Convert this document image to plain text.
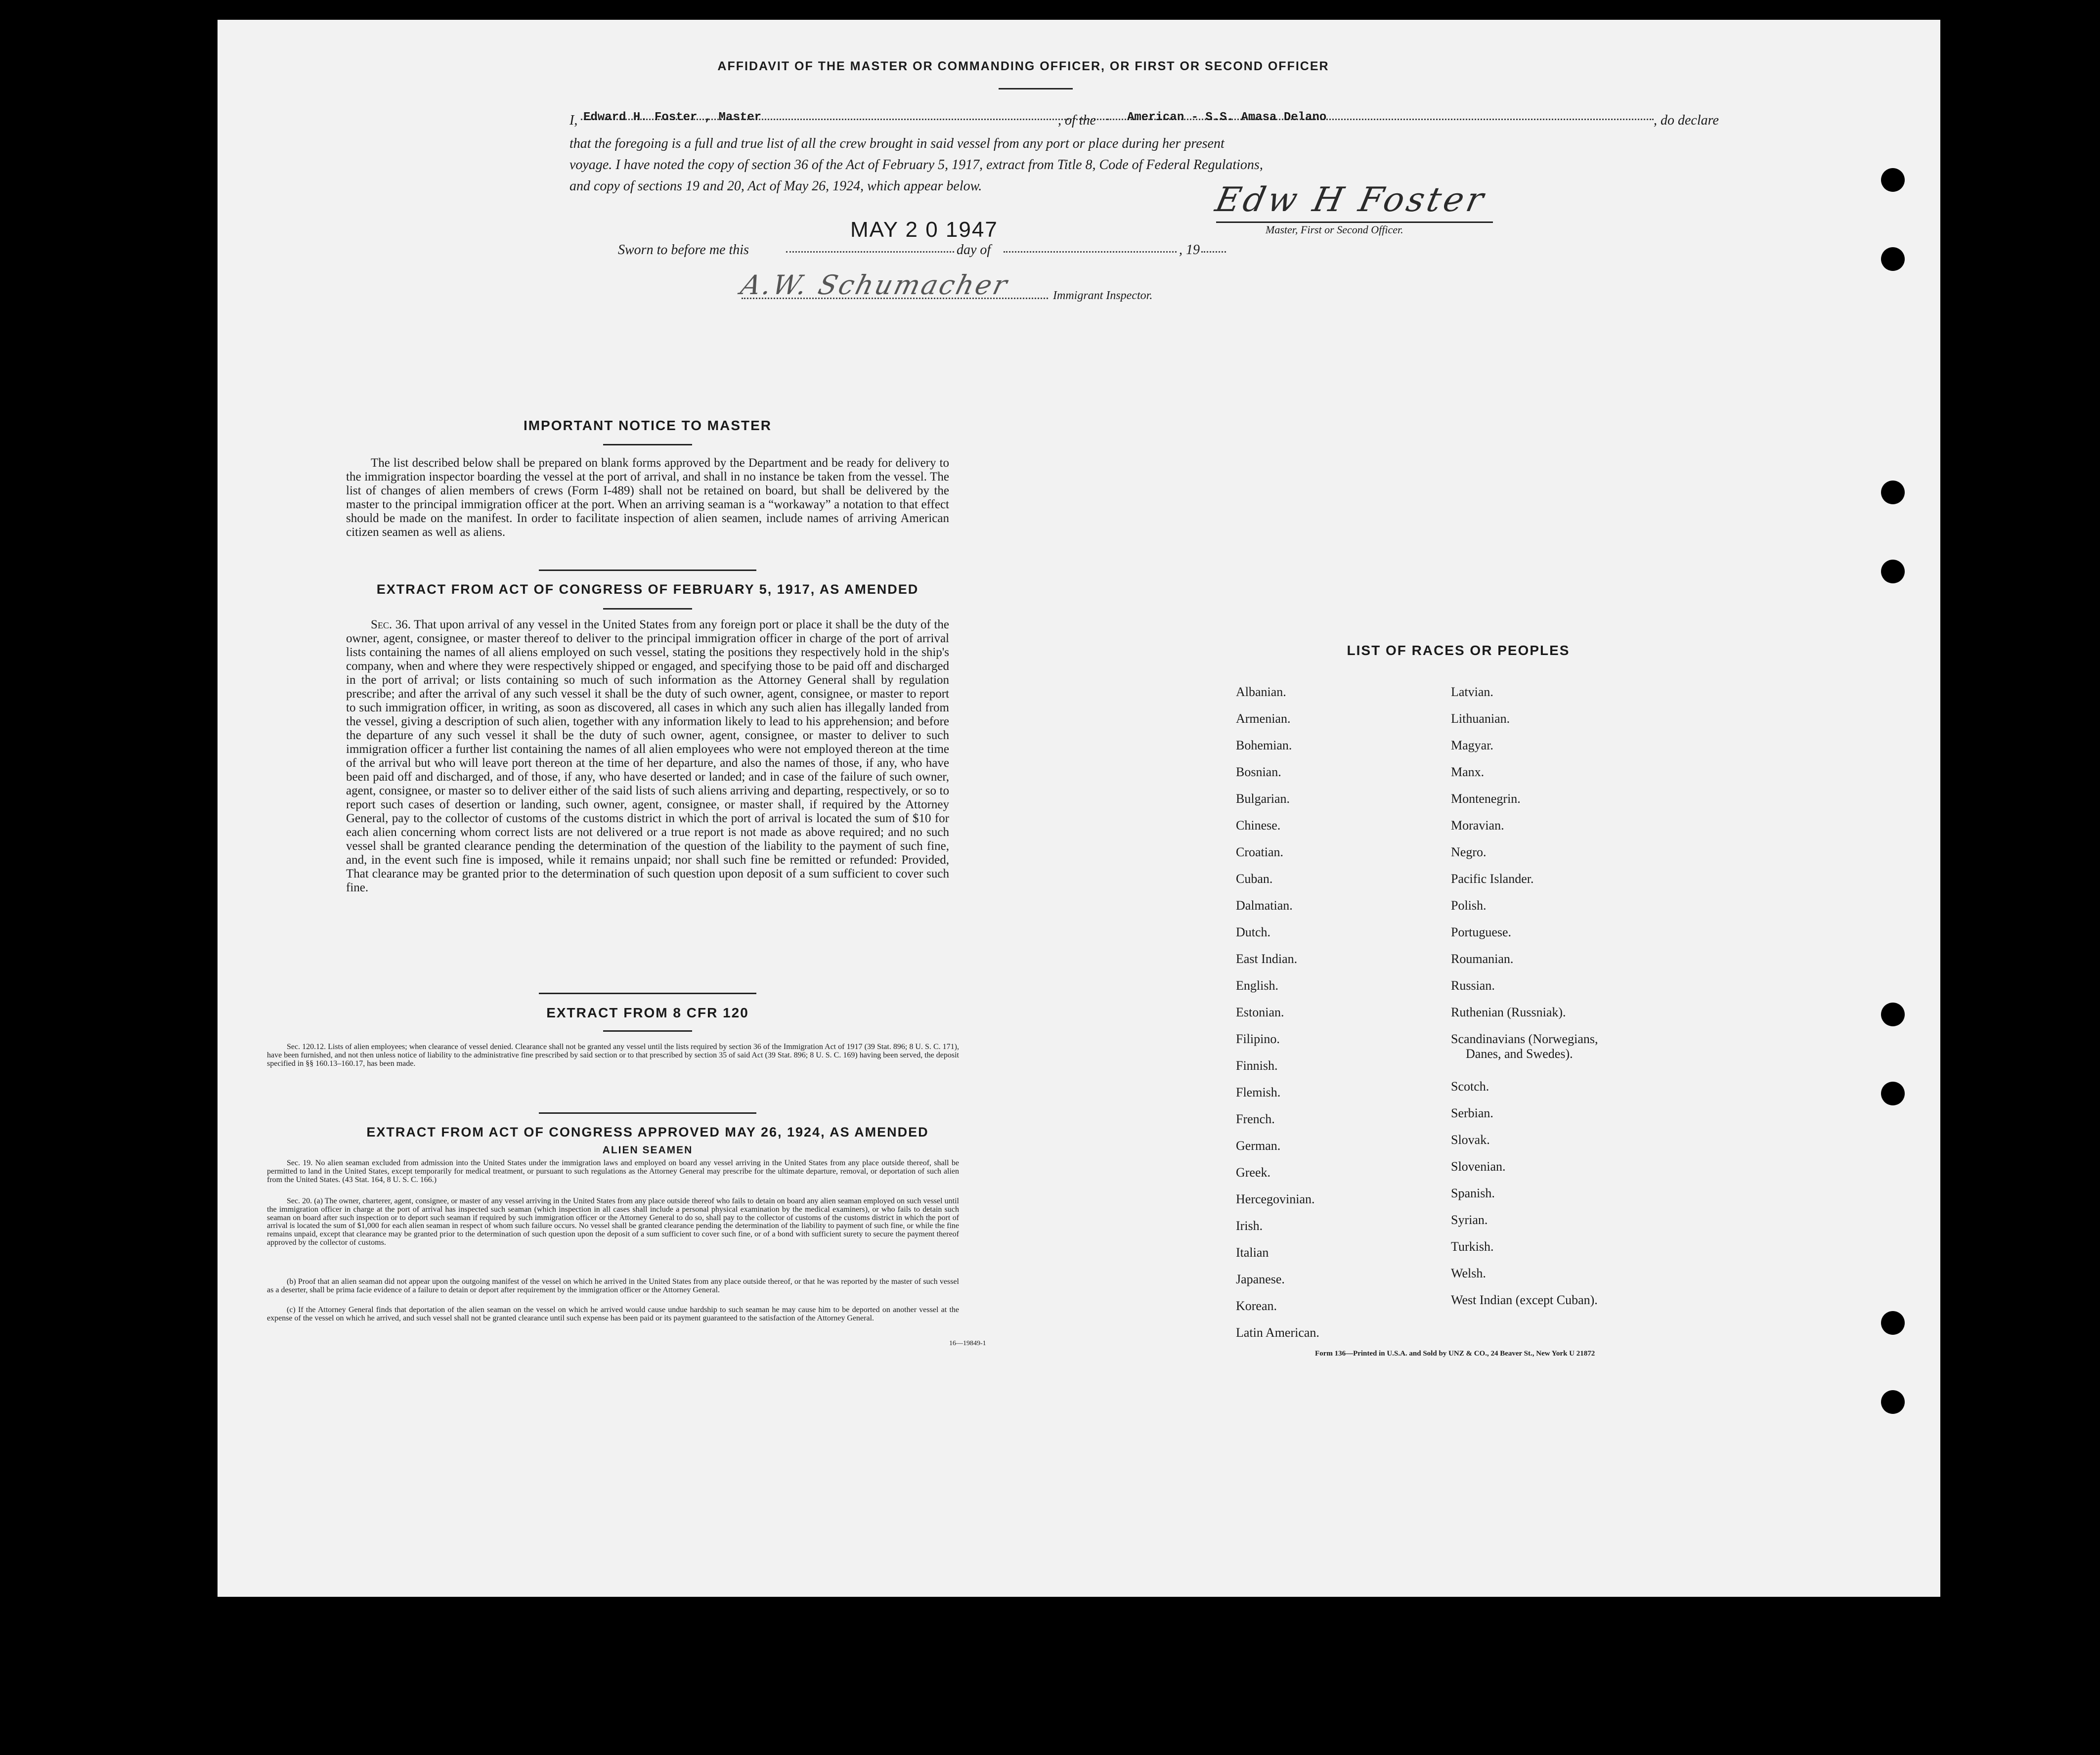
AFFIDAVIT OF THE MASTER OR COMMANDING OFFICER, OR FIRST OR SECOND OFFICER
I, Edward H. Foster , Master	, of the	American - S.S. Amasa Delano	, do declare
that the foregoing is a full and true list of all the crew brought in said vessel from any port or place during her present
voyage. I have noted the copy of section 36 of the Act of February 5, 1917, extract from Title 8, Code of Federal Regulations,
and copy of sections 19 and 20, Act of May 26, 1924, which appear below.	Edw H Foster
Master, First or Second Officer.
MAY 2 0 1947
Sworn to before me this	day of	, 19
A.W. Schumacher	Immigrant Inspector.
IMPORTANT NOTICE TO MASTER
The list described below shall be prepared on blank forms approved by the Department and be ready for delivery to the immigration inspector boarding the vessel at the port of arrival, and shall in no instance be taken from the vessel. The list of changes of alien members of crews (Form I-489) shall not be retained on board, but shall be delivered by the master to the principal immigration officer at the port. When an arriving seaman is a “workaway” a notation to that effect should be made on the manifest. In order to facilitate inspection of alien seamen, include names of arriving American citizen seamen as well as aliens.
EXTRACT FROM ACT OF CONGRESS OF FEBRUARY 5, 1917, AS AMENDED
Sec. 36. That upon arrival of any vessel in the United States from any foreign port or place it shall be the duty of the owner, agent, consignee, or master thereof to deliver to the principal immigration officer in charge of the port of arrival lists containing the names of all aliens employed on such vessel, stating the positions they respectively hold in the ship's company, when and where they were respectively shipped or engaged, and specifying those to be paid off and discharged in the port of arrival; or lists containing so much of such information as the Attorney General shall by regulation prescribe; and after the arrival of any such vessel it shall be the duty of such owner, agent, consignee, or master to report to such immigration officer, in writing, as soon as discovered, all cases in which any such alien has illegally landed from the vessel, giving a description of such alien, together with any information likely to lead to his apprehension; and before the departure of any such vessel it shall be the duty of such owner, agent, consignee, or master to deliver to such immigration officer a further list containing the names of all alien employees who were not employed thereon at the time of the arrival but who will leave port thereon at the time of her departure, and also the names of those, if any, who have been paid off and discharged, and of those, if any, who have deserted or landed; and in case of the failure of such owner, agent, consignee, or master so to deliver either of the said lists of such aliens arriving and departing, respectively, or so to report such cases of desertion or landing, such owner, agent, consignee, or master shall, if required by the Attorney General, pay to the collector of customs of the customs district in which the port of arrival is located the sum of $10 for each alien concerning whom correct lists are not delivered or a true report is not made as above required; and no such vessel shall be granted clearance pending the determination of the question of the liability to the payment of such fine, and, in the event such fine is imposed, while it remains unpaid; nor shall such fine be remitted or refunded: Provided, That clearance may be granted prior to the determination of such question upon deposit of a sum sufficient to cover such fine.
EXTRACT FROM 8 CFR 120
Sec. 120.12. Lists of alien employees; when clearance of vessel denied. Clearance shall not be granted any vessel until the lists required by section 36 of the Immigration Act of 1917 (39 Stat. 896; 8 U. S. C. 171), have been furnished, and not then unless notice of liability to the administrative fine prescribed by said section or to that prescribed by section 35 of said Act (39 Stat. 896; 8 U. S. C. 169) having been served, the deposit specified in §§ 160.13–160.17, has been made.
EXTRACT FROM ACT OF CONGRESS APPROVED MAY 26, 1924, AS AMENDED
ALIEN SEAMEN
Sec. 19. No alien seaman excluded from admission into the United States under the immigration laws and employed on board any vessel arriving in the United States from any place outside thereof, shall be permitted to land in the United States, except temporarily for medical treatment, or pursuant to such regulations as the Attorney General may prescribe for the ultimate departure, removal, or deportation of such alien from the United States. (43 Stat. 164, 8 U. S. C. 166.)
Sec. 20. (a) The owner, charterer, agent, consignee, or master of any vessel arriving in the United States from any place outside thereof who fails to detain on board any alien seaman employed on such vessel until the immigration officer in charge at the port of arrival has inspected such seaman (which inspection in all cases shall include a personal physical examination by the medical examiners), or who fails to detain such seaman on board after such inspection or to deport such seaman if required by such immigration officer or the Attorney General to do so, shall pay to the collector of customs of the customs district in which the port of arrival is located the sum of $1,000 for each alien seaman in respect of whom such failure occurs. No vessel shall be granted clearance pending the determination of the liability to payment of such fine, or while the fine remains unpaid, except that clearance may be granted prior to the determination of such question upon the deposit of a sum sufficient to cover such fine, or of a bond with sufficient surety to secure the payment thereof approved by the collector of customs.
(b) Proof that an alien seaman did not appear upon the outgoing manifest of the vessel on which he arrived in the United States from any place outside thereof, or that he was reported by the master of such vessel as a deserter, shall be prima facie evidence of a failure to detain or deport after requirement by the immigration officer or the Attorney General.
(c) If the Attorney General finds that deportation of the alien seaman on the vessel on which he arrived would cause undue hardship to such seaman he may cause him to be deported on another vessel at the expense of the vessel on which he arrived, and such vessel shall not be granted clearance until such expense has been paid or its payment guaranteed to the satisfaction of the Attorney General.
16—19849-1
LIST OF RACES OR PEOPLES
Form 136—Printed in U.S.A. and Sold by UNZ & CO., 24 Beaver St., New York U 21872
Albanian.
Armenian.
Bohemian.
Bosnian.
Bulgarian.
Chinese.
Croatian.
Cuban.
Dalmatian.
Dutch.
East Indian.
English.
Estonian.
Filipino.
Finnish.
Flemish.
French.
German.
Greek.
Hercegovinian.
Irish.
Italian
Japanese.
Korean.
Latin American.
Latvian.
Lithuanian.
Magyar.
Manx.
Montenegrin.
Moravian.
Negro.
Pacific Islander.
Polish.
Portuguese.
Roumanian.
Russian.
Ruthenian (Russniak).
Scandinavians (Norwegians,
Danes, and Swedes).
Scotch.
Serbian.
Slovak.
Slovenian.
Spanish.
Syrian.
Turkish.
Welsh.
West Indian (except Cuban).
